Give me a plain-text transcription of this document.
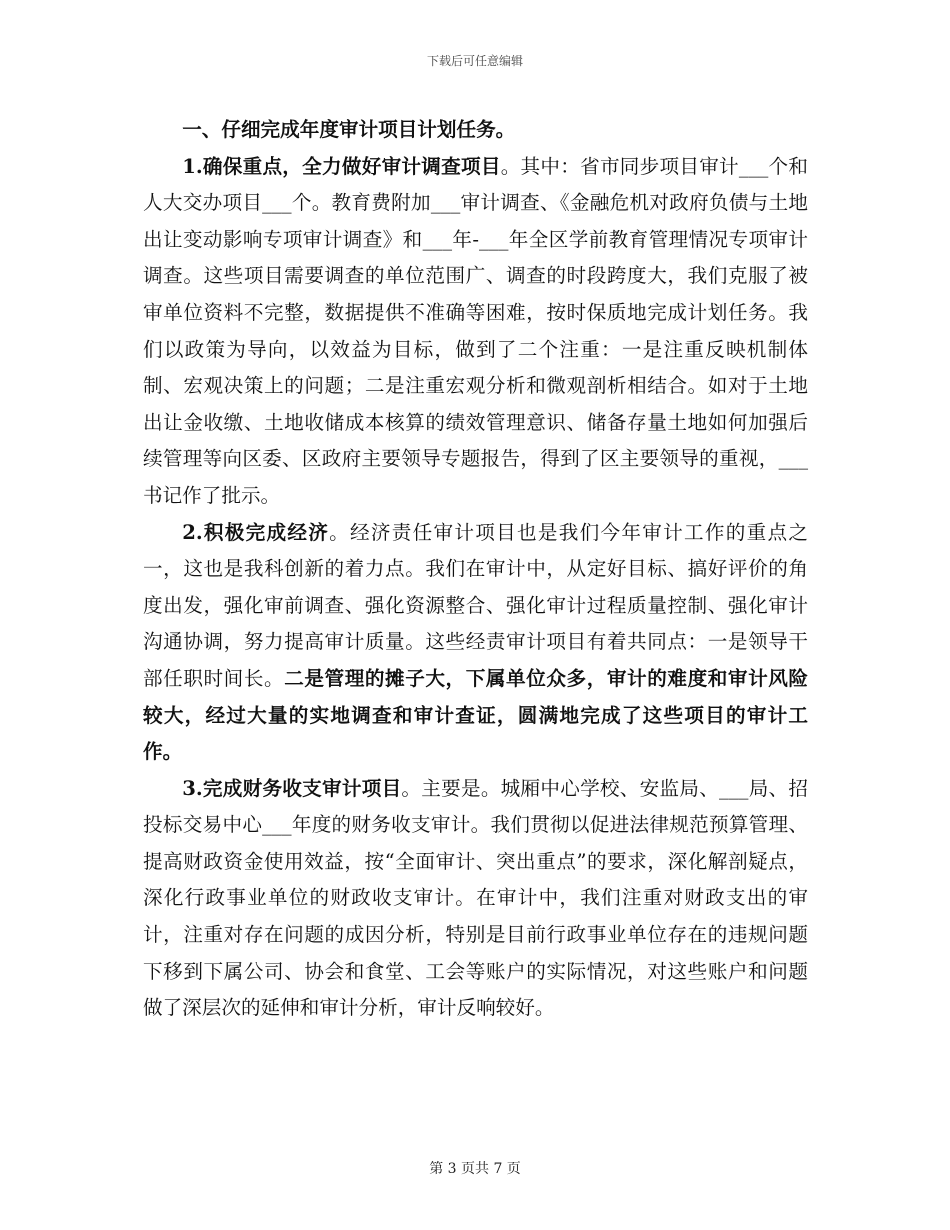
下载后可任意编辑

一、仔细完成年度审计项目计划任务。

1.确保重点，全力做好审计调查项目。其中：省市同步项目审计___个和人大交办项目___个。教育费附加___审计调查、《金融危机对政府负债与土地出让变动影响专项审计调查》和___年-___年全区学前教育管理情况专项审计调查。这些项目需要调查的单位范围广、调查的时段跨度大，我们克服了被审单位资料不完整，数据提供不准确等困难，按时保质地完成计划任务。我们以政策为导向，以效益为目标，做到了二个注重：一是注重反映机制体制、宏观决策上的问题；二是注重宏观分析和微观剖析相结合。如对于土地出让金收缴、土地收储成本核算的绩效管理意识、储备存量土地如何加强后续管理等向区委、区政府主要领导专题报告，得到了区主要领导的重视，___书记作了批示。

2.积极完成经济。经济责任审计项目也是我们今年审计工作的重点之一，这也是我科创新的着力点。我们在审计中，从定好目标、搞好评价的角度出发，强化审前调查、强化资源整合、强化审计过程质量控制、强化审计沟通协调，努力提高审计质量。这些经责审计项目有着共同点：一是领导干部任职时间长。二是管理的摊子大，下属单位众多，审计的难度和审计风险较大，经过大量的实地调查和审计查证，圆满地完成了这些项目的审计工作。

3.完成财务收支审计项目。主要是。城厢中心学校、安监局、___局、招投标交易中心___年度的财务收支审计。我们贯彻以促进法律规范预算管理、提高财政资金使用效益，按“全面审计、突出重点”的要求，深化解剖疑点，深化行政事业单位的财政收支审计。在审计中，我们注重对财政支出的审计，注重对存在问题的成因分析，特别是目前行政事业单位存在的违规问题下移到下属公司、协会和食堂、工会等账户的实际情况，对这些账户和问题做了深层次的延伸和审计分析，审计反响较好。

第 3 页共 7 页
